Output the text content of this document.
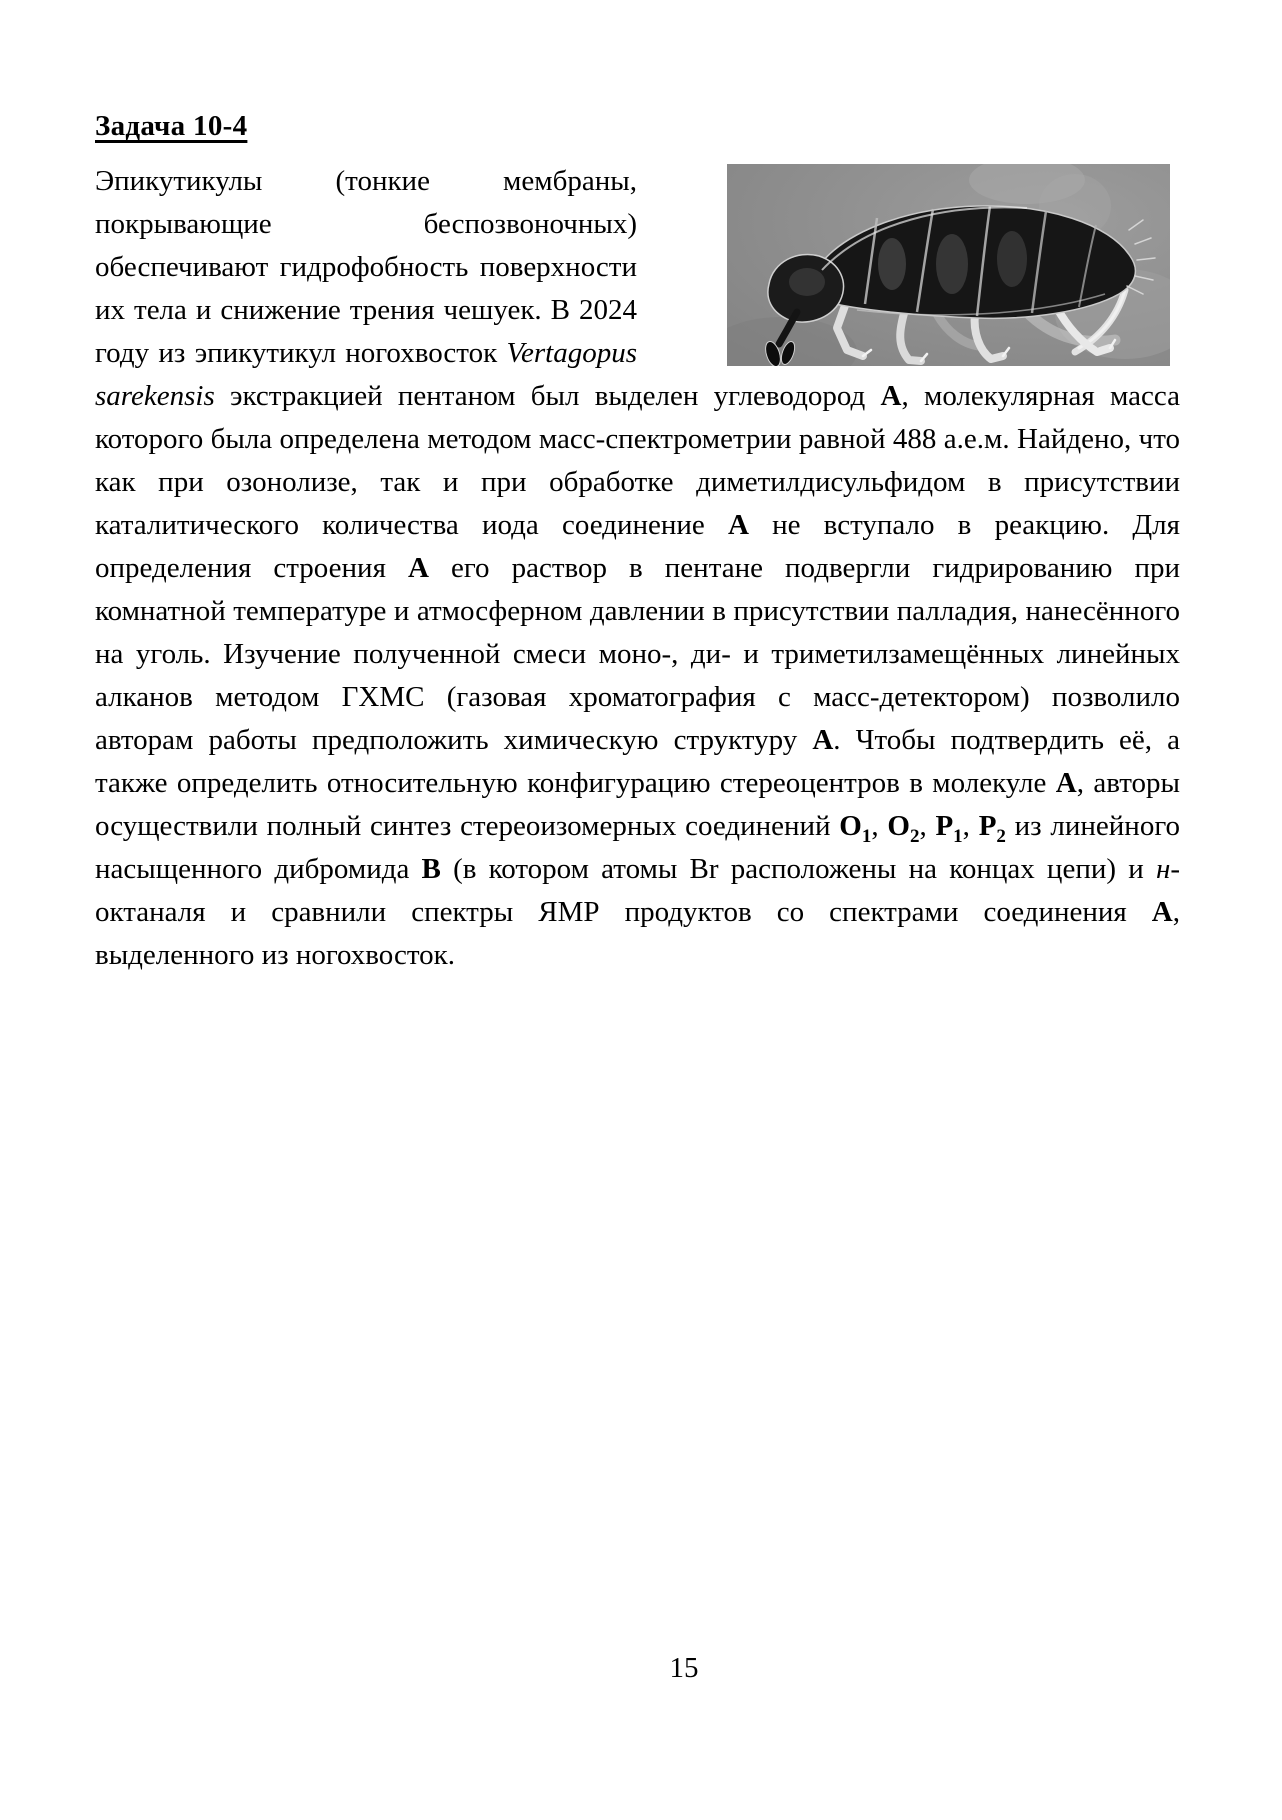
Задача 10-4
Эпикутикулы (тонкие мембраны, покрывающие беспозвоночных) обеспечивают гидрофобность поверхности их тела и снижение трения чешуек. В 2024 году из эпикутикул ногохвосток Vertagopus sarekensis экстракцией пентаном был выделен углеводород А, молекулярная масса которого была определена методом масс-спектрометрии равной 488 а.е.м. Найдено, что как при озонолизе, так и при обработке диметилдисульфидом в присутствии каталитического количества иода соединение А не вступало в реакцию. Для определения строения А его раствор в пентане подвергли гидрированию при комнатной температуре и атмосферном давлении в присутствии палладия, нанесённого на уголь. Изучение полученной смеси моно-, ди- и триметилзамещённых линейных алканов методом ГХМС (газовая хроматография с масс-детектором) позволило авторам работы предположить химическую структуру А. Чтобы подтвердить её, а также определить относительную конфигурацию стереоцентров в молекуле А, авторы осуществили полный синтез стереоизомерных соединений $О_1$, $О_2$, $Р_1$, $Р_2$ из линейного насыщенного дибромида В (в котором атомы Br расположены на концах цепи) и н-октаналя и сравнили спектры ЯМР продуктов со спектрами соединения А, выделенного из ногохвосток.
15
